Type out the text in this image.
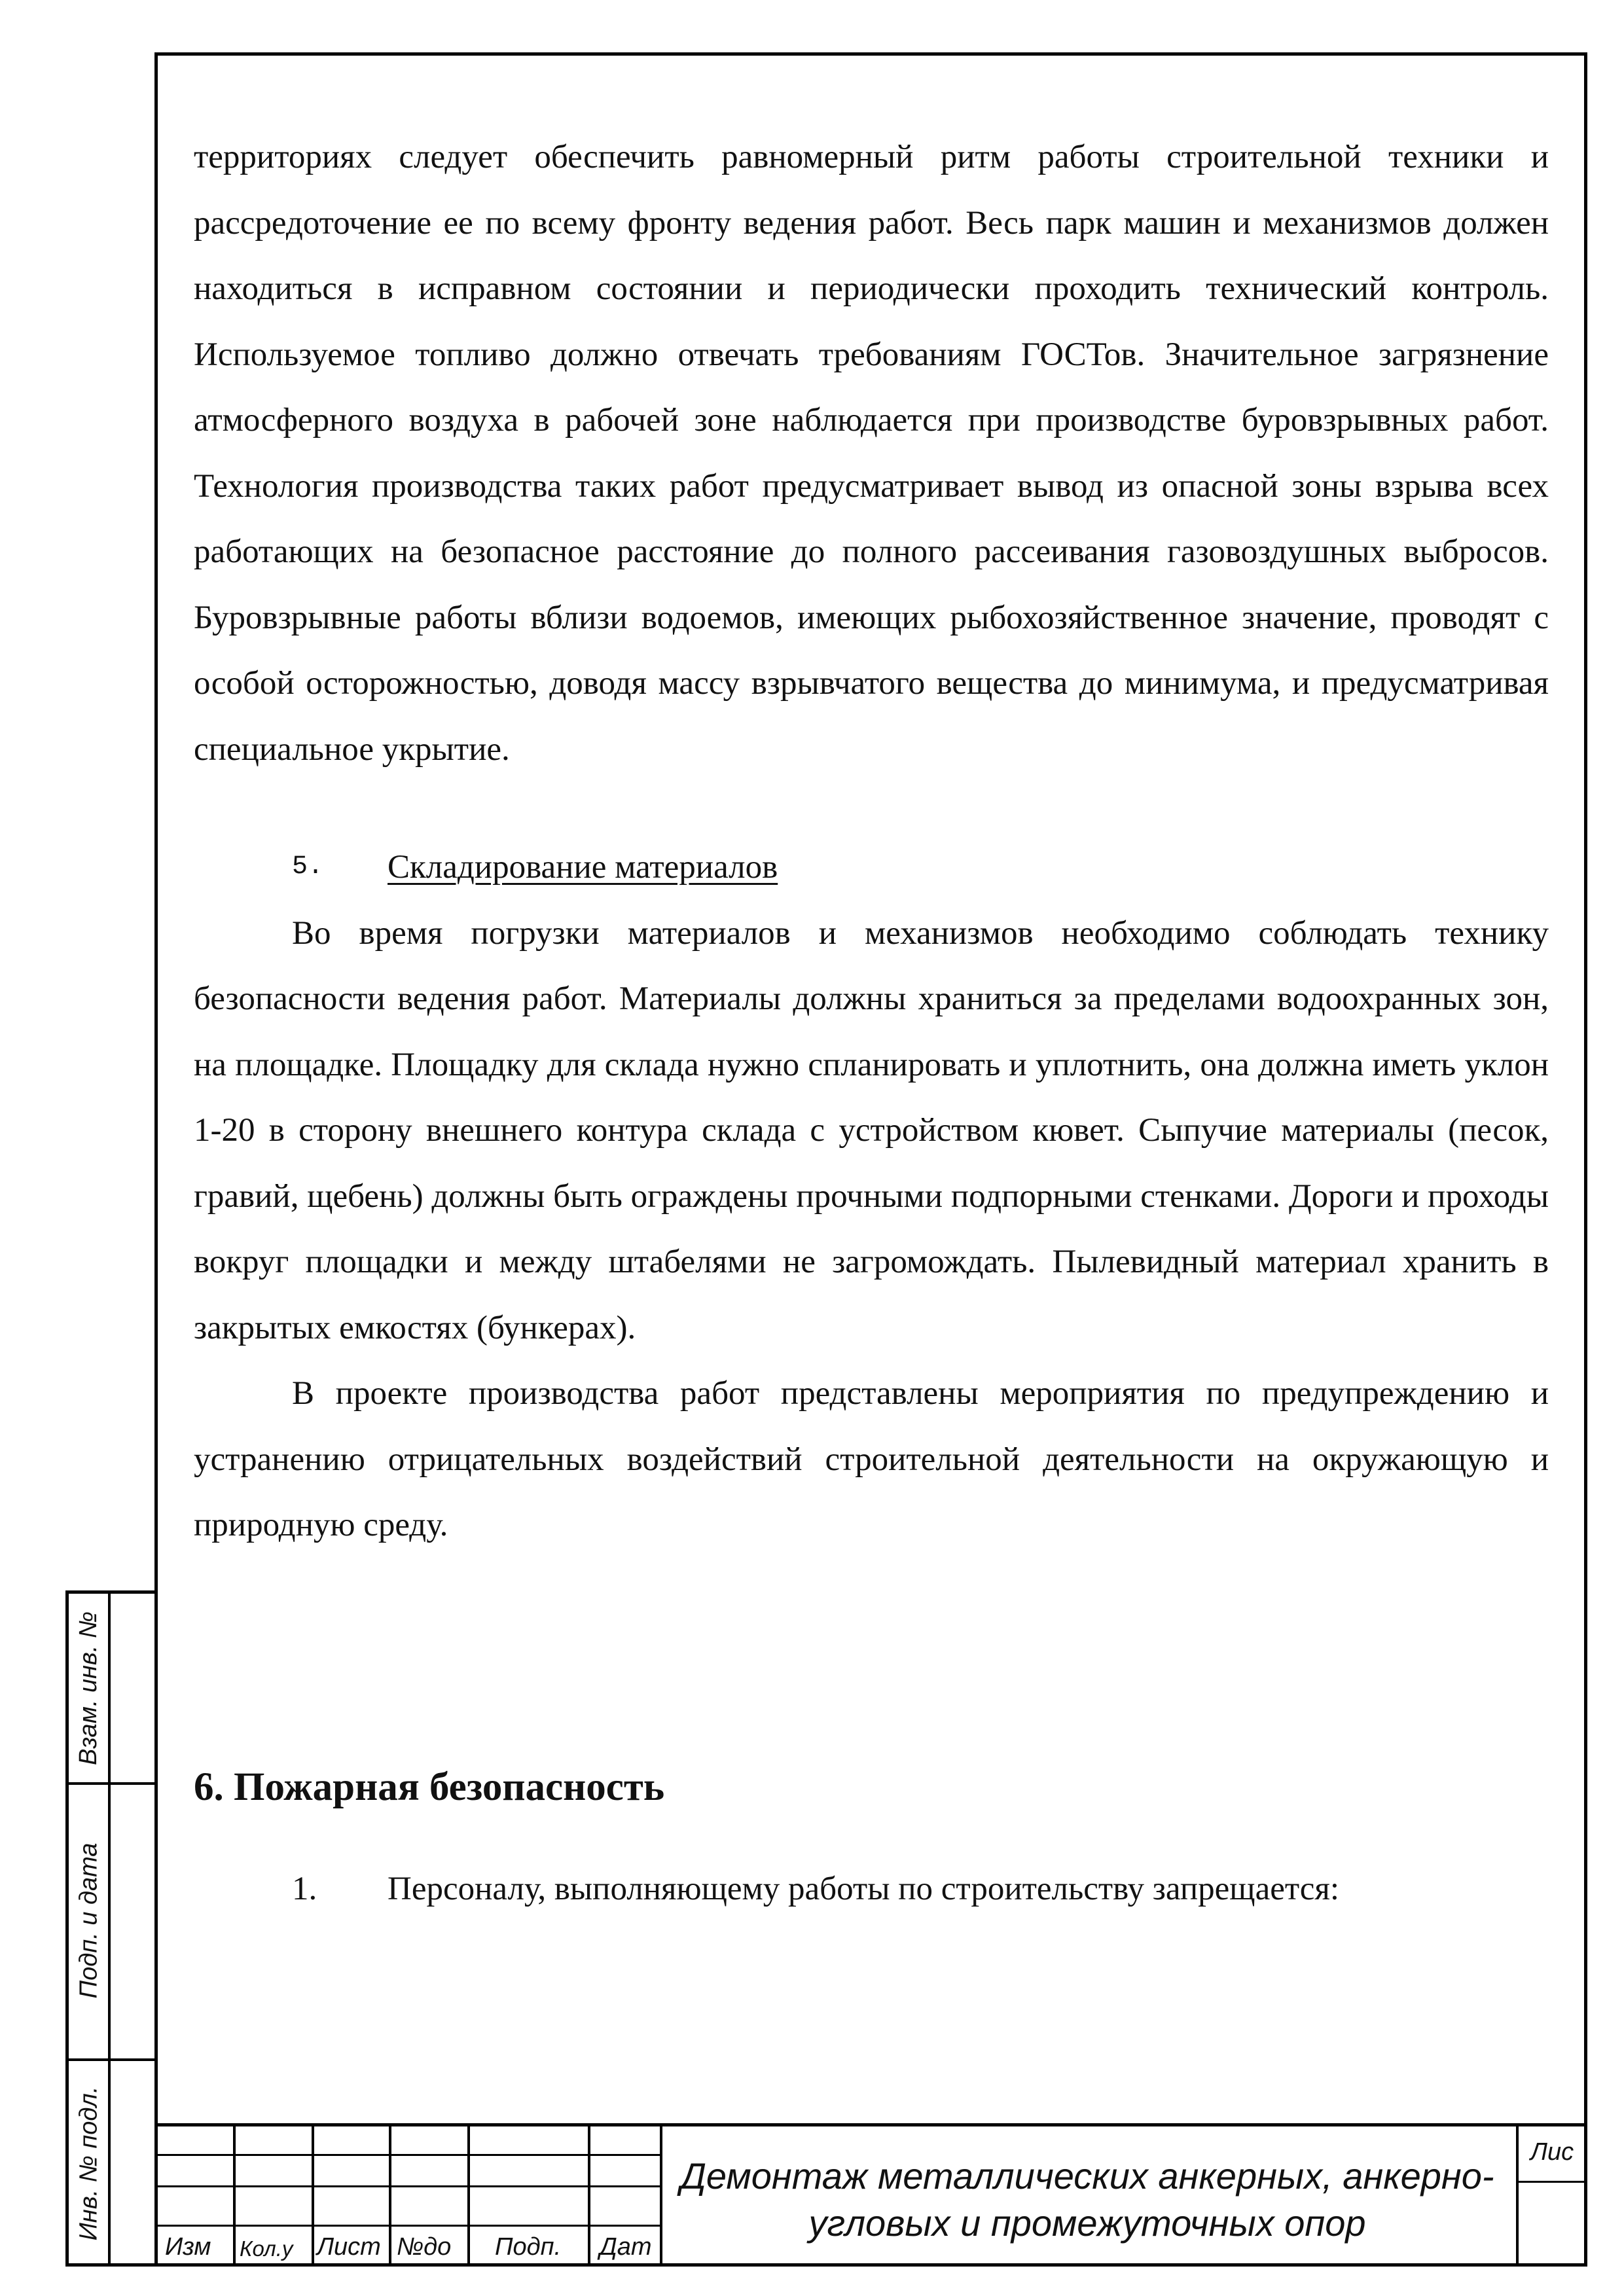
территориях следует обеспечить равномерный ритм работы строительной техники и рассредоточение ее по всему фронту ведения работ. Весь парк машин и механизмов должен находиться в исправном состоянии и периодически проходить технический контроль. Используемое топливо должно отвечать требованиям ГОСТов. Значительное загрязнение атмосферного воздуха в рабочей зоне наблюдается при производстве буровзрывных работ. Технология производства таких работ предусматривает вывод из опасной зоны взрыва всех работающих на безопасное расстояние до полного рассеивания газовоздушных выбросов. Буровзрывные работы вблизи водоемов, имеющих рыбохозяйственное значение, проводят с особой осторожностью, доводя массу взрывчатого вещества до минимума, и предусматривая специальное укрытие.

5. Складирование материалов

Во время погрузки материалов и механизмов необходимо соблюдать технику безопасности ведения работ. Материалы должны храниться за пределами водоохранных зон, на площадке. Площадку для склада нужно спланировать и уплотнить, она должна иметь уклон 1-20 в сторону внешнего контура склада с устройством кювет. Сыпучие материалы (песок, гравий, щебень) должны быть ограждены прочными подпорными стенками. Дороги и проходы вокруг площадки и между штабелями не загромождать. Пылевидный материал хранить в закрытых емкостях (бункерах).

В проекте производства работ представлены мероприятия по предупреждению и устранению отрицательных воздействий строительной деятельности на окружающую и природную среду.

6. Пожарная безопасность

1. Персоналу, выполняющему работы по строительству запрещается:
Взам. инв. №
Подп. и дата
Инв. № подл.
Изм Кол.у Лист №до Подп. Дат
Демонтаж металлических анкерных, анкерно-угловых и промежуточных опор
Лис
